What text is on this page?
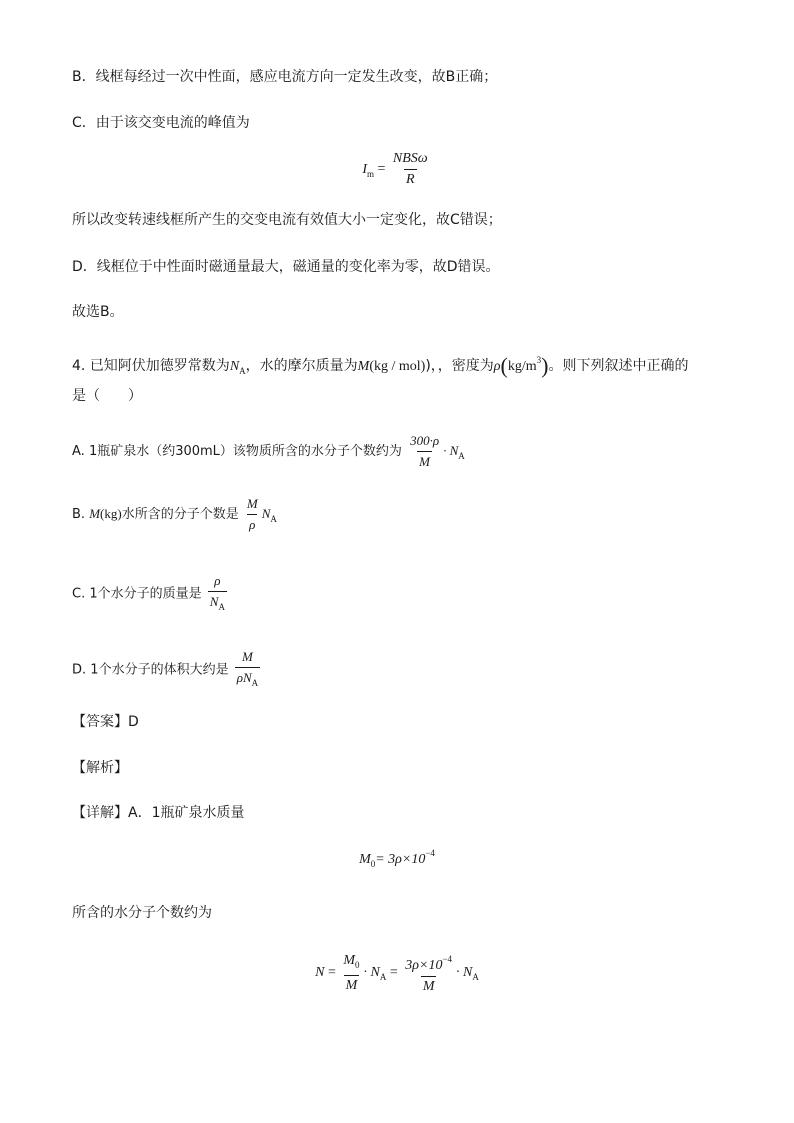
B．线框每经过一次中性面，感应电流方向一定发生改变，故B正确；
C．由于该交变电流的峰值为
$I_m = \frac{\text{NBSω}}{R}$
所以改变转速线框所产生的交变电流有效值大小一定变化，故C错误；
D．线框位于中性面时磁通量最大，磁通量的变化率为零，故D错误。
故选B。
4. 已知阿伏加德罗常数为$N_A$，水的摩尔质量为M(kg / mol))，，密度为$\rho(kg/m^3)$。则下列叙述中正确的
是（　　）
A. 1瓶矿泉水（约300mL）该物质所含的水分子个数约为 $\frac{300\cdot\rho}{M} \cdot N_A$
B. M(kg)水所含的分子个数是 $\frac{M}{\rho} N_A$
C. 1个水分子的质量是 $\frac{\rho}{N_A}$
D. 1个水分子的体积大约是 $\frac{M}{\rho N_A}$
【答案】D
【解析】
【详解】A．1瓶矿泉水质量
$M_0= 3\rho\times 10^{-4}$
所含的水分子个数约为
$N = \frac{M_0}{M} \cdot N_A = \frac{3\rho\times 10^{-4}}{M} \cdot N_A$
